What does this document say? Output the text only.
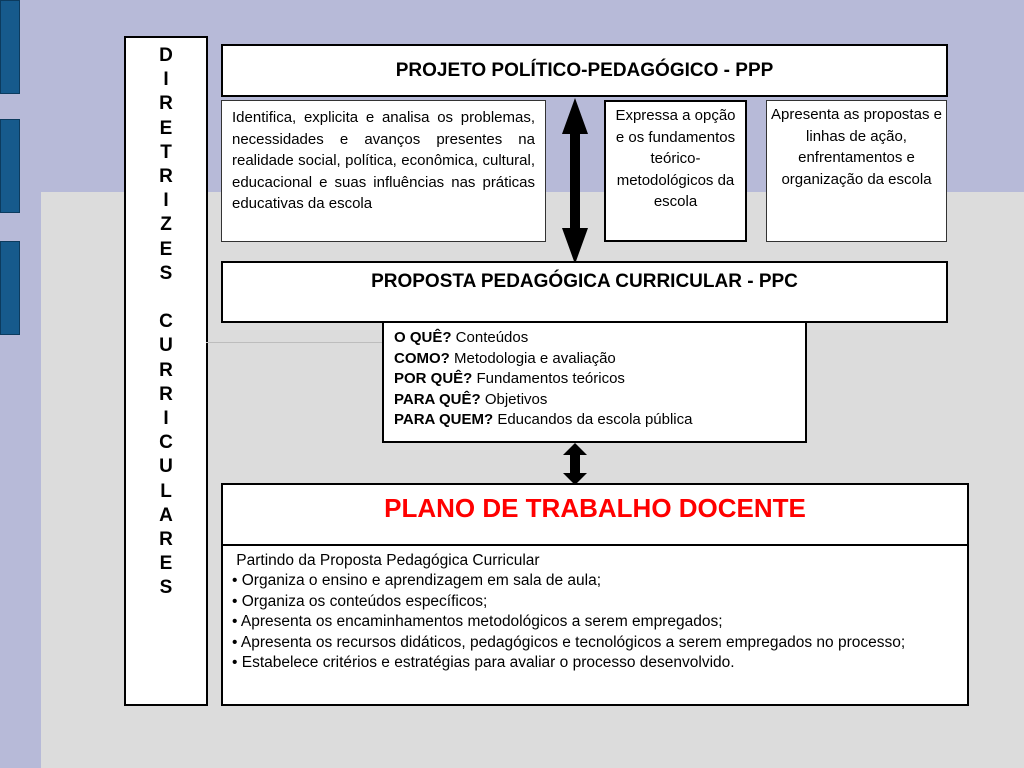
D
I
R
E
T
R
I
Z
E
S

C
U
R
R
I
C
U
L
A
R
E
S
PROJETO POLÍTICO-PEDAGÓGICO - PPP
Identifica, explicita e analisa os problemas, necessidades e avanços presentes na realidade social, política, econômica, cultural, educacional e suas influências nas práticas educativas da escola
Expressa a opção e os fundamentos teórico-metodológicos da escola
Apresenta as propostas e linhas de ação, enfrentamentos e organização da escola
PROPOSTA PEDAGÓGICA CURRICULAR - PPC
O QUÊ? Conteúdos
COMO? Metodologia e avaliação
POR QUÊ? Fundamentos teóricos
PARA QUÊ? Objetivos
PARA QUEM? Educandos da escola pública
PLANO DE TRABALHO DOCENTE
Partindo da Proposta Pedagógica Curricular
• Organiza o ensino e aprendizagem em sala de aula;
• Organiza os conteúdos específicos;
• Apresenta os encaminhamentos metodológicos a serem empregados;
• Apresenta os recursos didáticos, pedagógicos e tecnológicos a serem empregados no processo;
• Estabelece critérios e estratégias para avaliar o processo desenvolvido.
